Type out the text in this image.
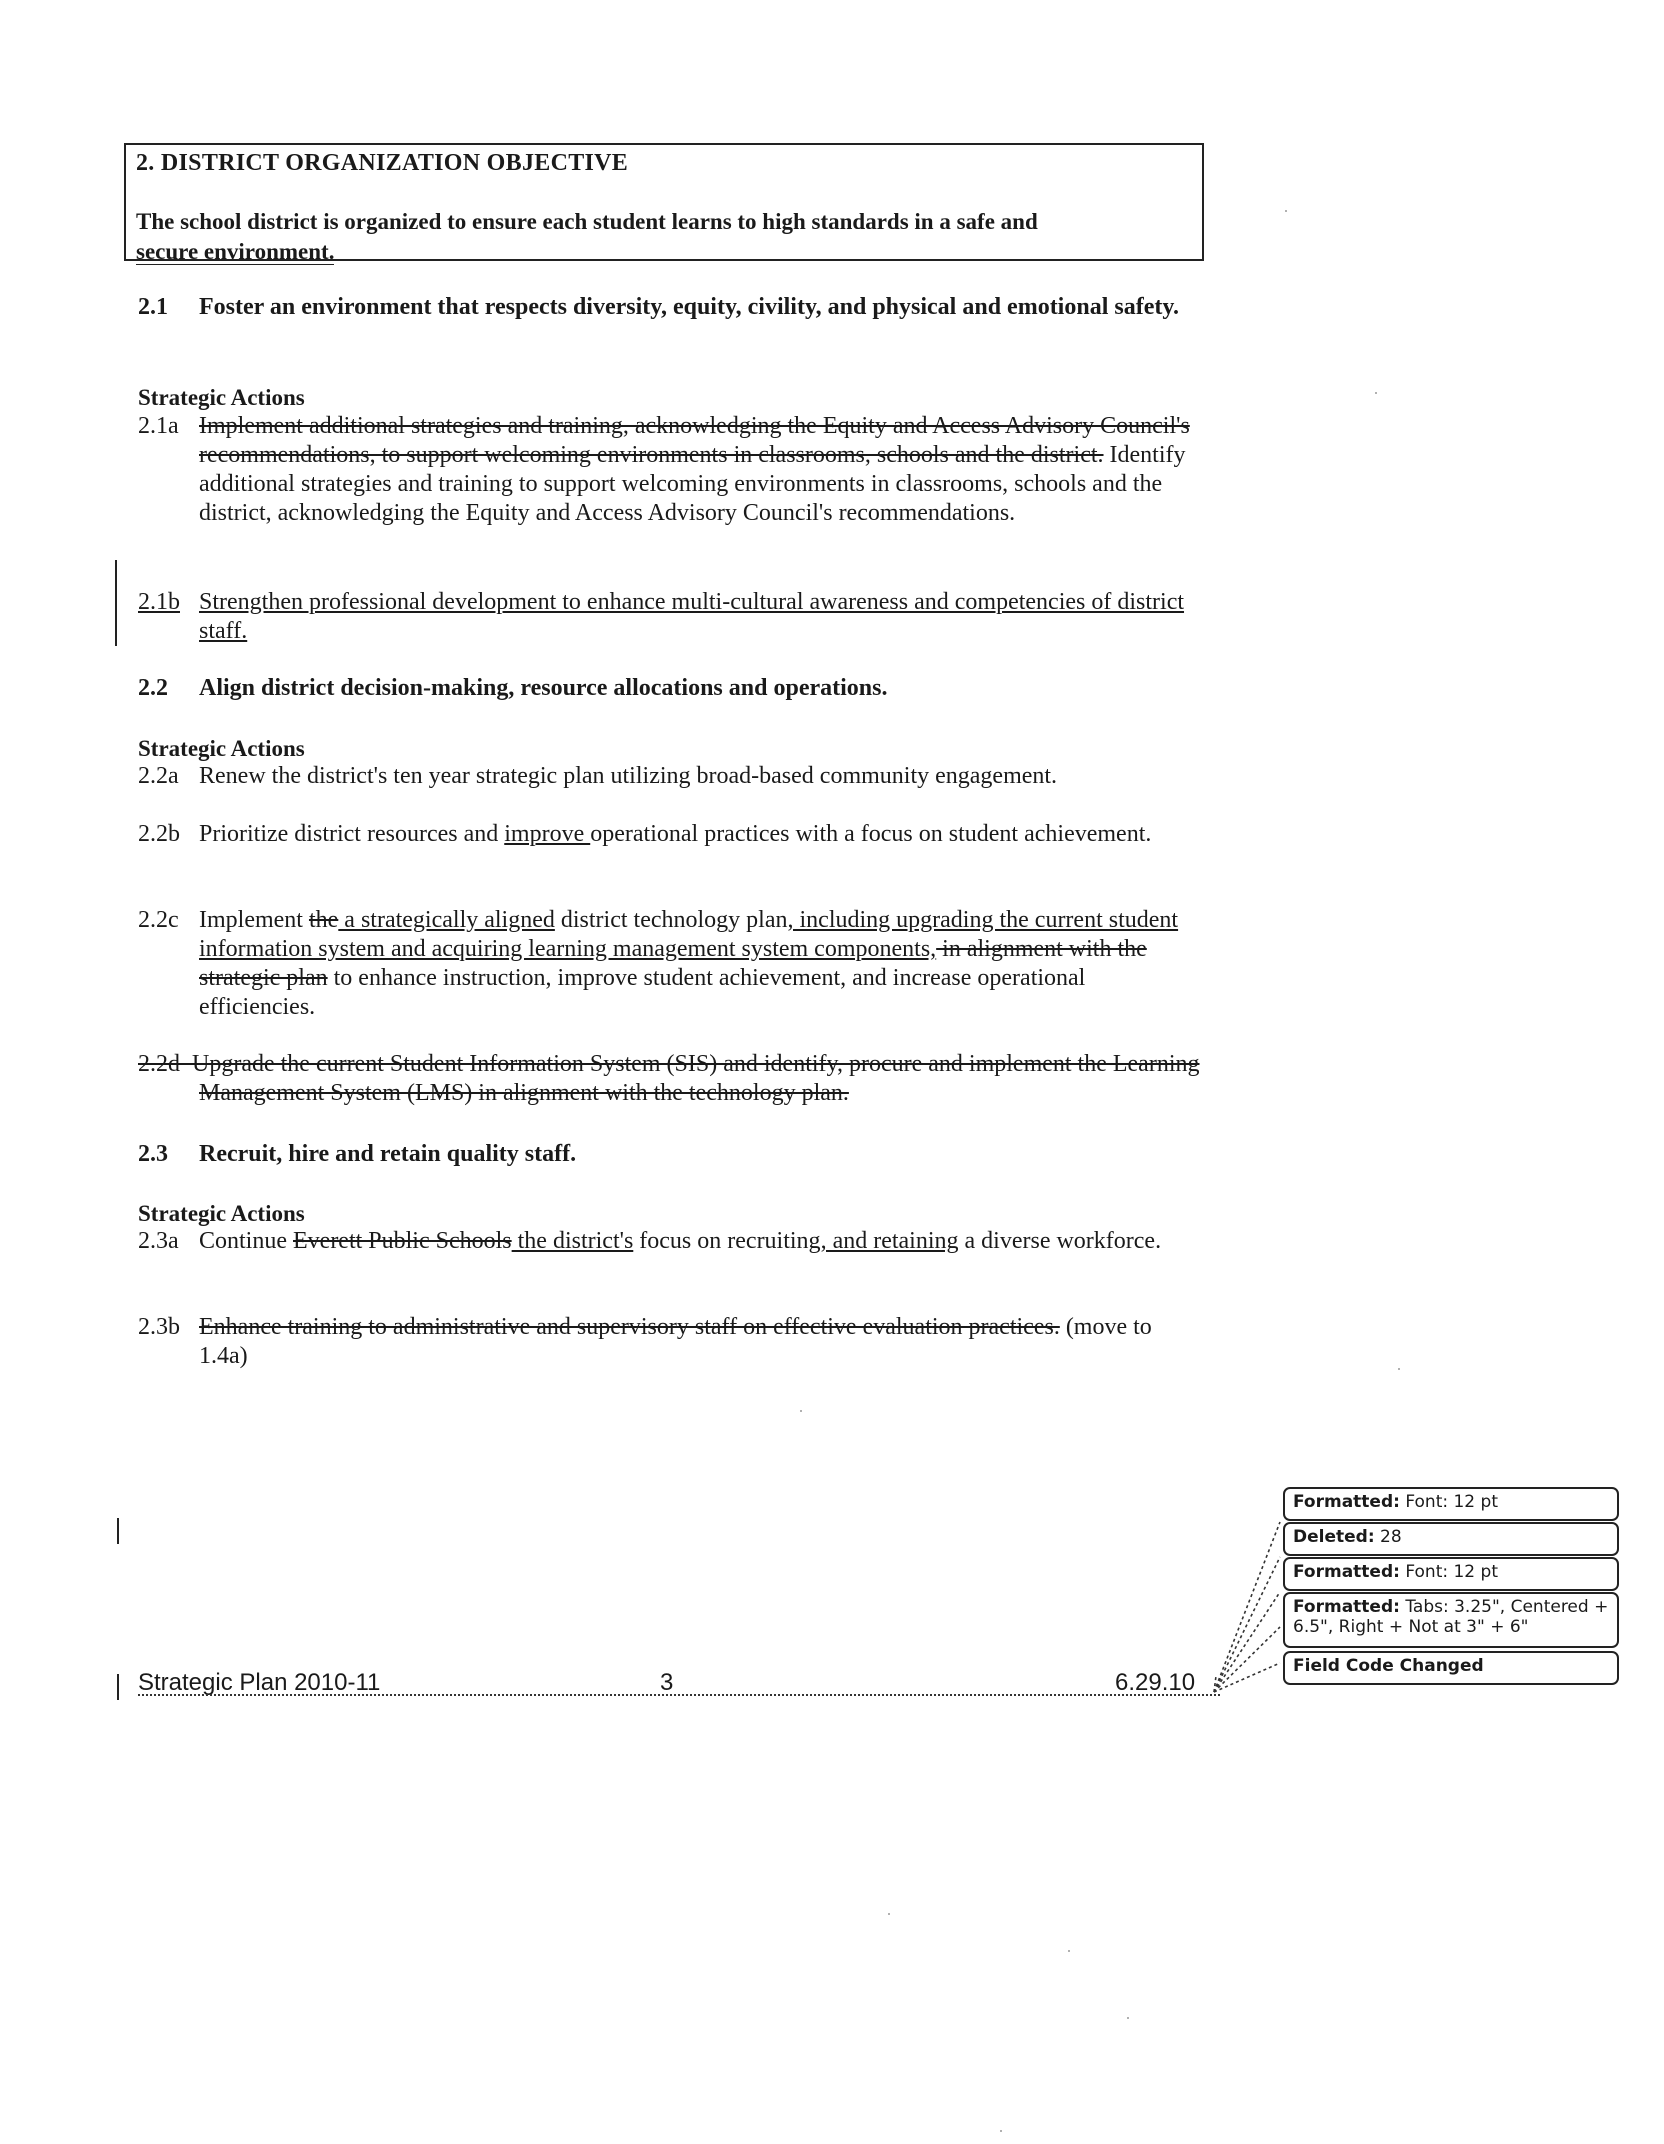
2. DISTRICT ORGANIZATION OBJECTIVE
The school district is organized to ensure each student learns to high standards in a safe and
secure environment.
2.1 Foster an environment that respects diversity, equity, civility, and physical and emotional safety.
Strategic Actions
2.1a Implement additional strategies and training, acknowledging the Equity and Access Advisory Council's recommendations, to support welcoming environments in classrooms, schools and the district. Identify additional strategies and training to support welcoming environments in classrooms, schools and the district, acknowledging the Equity and Access Advisory Council's recommendations.
2.1b Strengthen professional development to enhance multi-cultural awareness and competencies of district staff.
2.2 Align district decision-making, resource allocations and operations.
Strategic Actions
2.2a Renew the district's ten year strategic plan utilizing broad-based community engagement.
2.2b Prioritize district resources and improve operational practices with a focus on student achievement.
2.2c Implement the a strategically aligned district technology plan, including upgrading the current student information system and acquiring learning management system components, in alignment with the strategic plan to enhance instruction, improve student achievement, and increase operational efficiencies.
2.2d  Upgrade the current Student Information System (SIS) and identify, procure and implement the Learning Management System (LMS) in alignment with the technology plan.
2.3 Recruit, hire and retain quality staff.
Strategic Actions
2.3a Continue Everett Public Schools the district's focus on recruiting, and retaining a diverse workforce.
2.3b Enhance training to administrative and supervisory staff on effective evaluation practices. (move to 1.4a)
Strategic Plan 2010-11	3	6.29.10
Formatted: Font: 12 pt
Deleted: 28
Formatted: Font: 12 pt
Formatted: Tabs: 3.25", Centered + 6.5", Right + Not at 3" + 6"
Field Code Changed
